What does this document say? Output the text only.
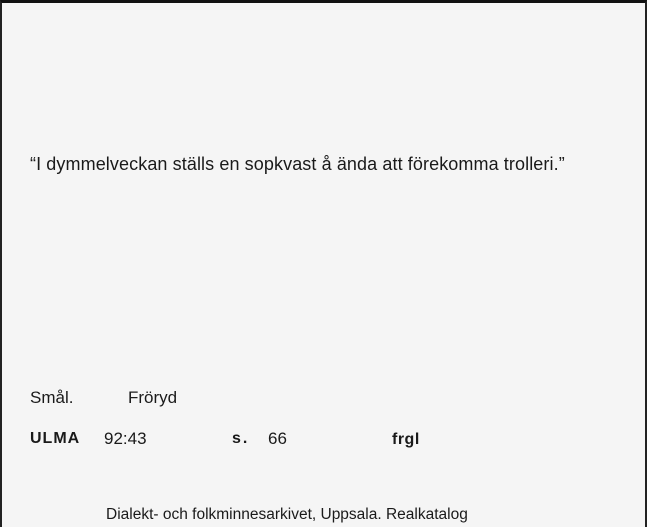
“I dymmelveckan ställs en sopkvast å ända att förekomma trolleri.”
Smål.	Fröryd
ULMA 92:43	s. 66	frgl
Dialekt- och folkminnesarkivet, Uppsala. Realkatalog
